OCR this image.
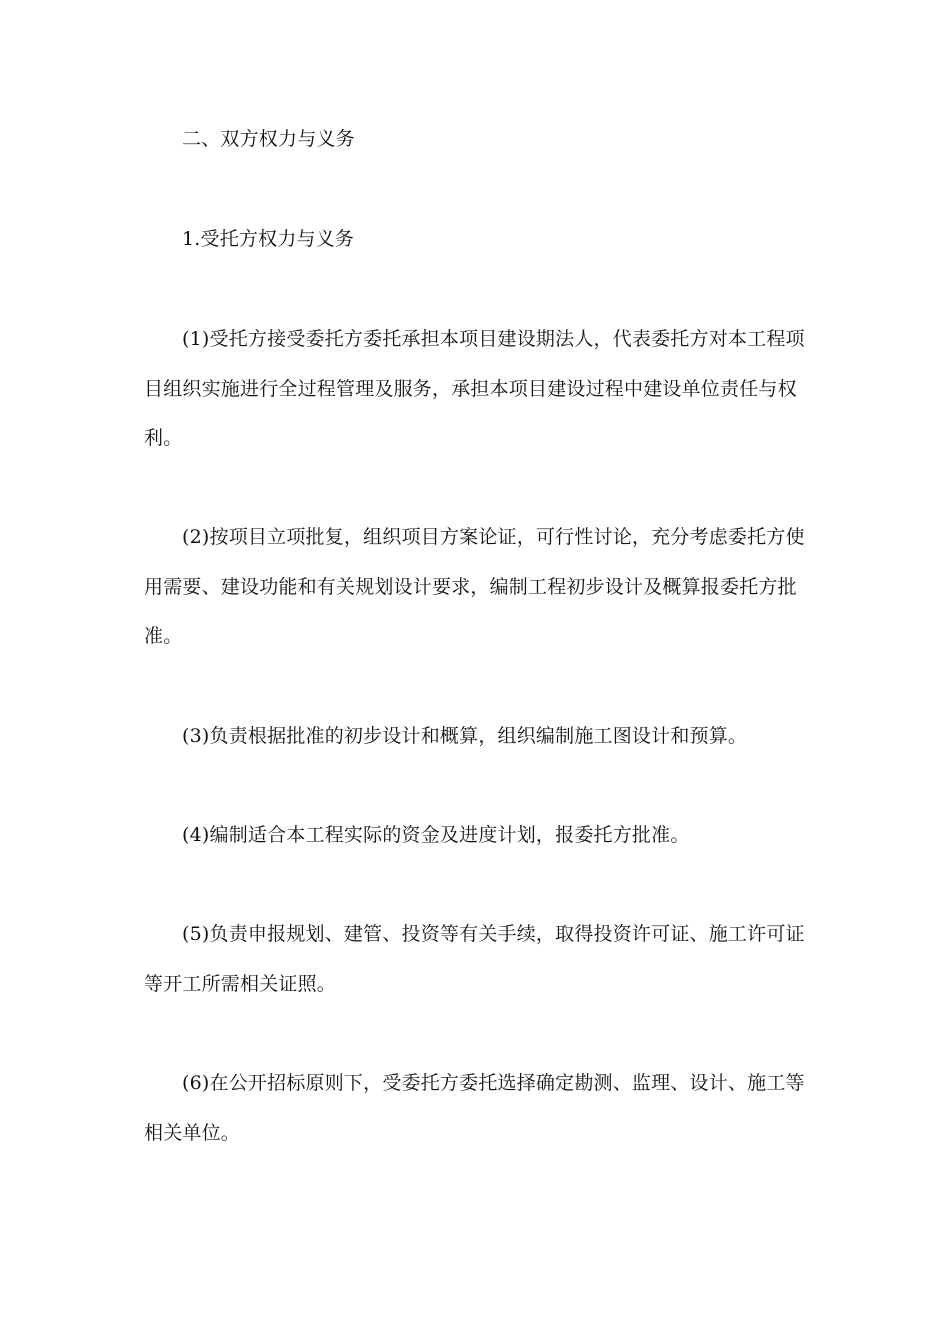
二、双方权力与义务
1.受托方权力与义务
(1)受托方接受委托方委托承担本项目建设期法人，代表委托方对本工程项
目组织实施进行全过程管理及服务，承担本项目建设过程中建设单位责任与权
利。
(2)按项目立项批复，组织项目方案论证，可行性讨论，充分考虑委托方使
用需要、建设功能和有关规划设计要求，编制工程初步设计及概算报委托方批
准。
(3)负责根据批准的初步设计和概算，组织编制施工图设计和预算。
(4)编制适合本工程实际的资金及进度计划，报委托方批准。
(5)负责申报规划、建管、投资等有关手续，取得投资许可证、施工许可证
等开工所需相关证照。
(6)在公开招标原则下，受委托方委托选择确定勘测、监理、设计、施工等
相关单位。
